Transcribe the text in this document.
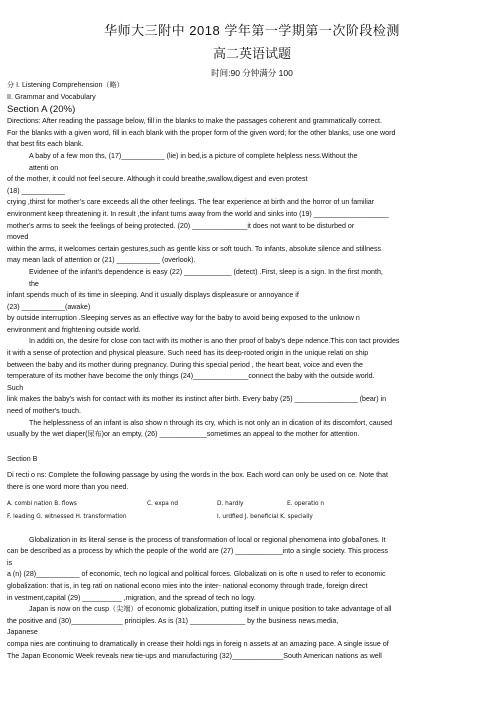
华师大三附中 2018 学年第一学期第一次阶段检测
高二英语试题
时间:90 分钟满分 100

分 I. Listening Comprehension（略）

II. Grammar and Vocabulary

Section A (20%)

Directions: After reading the passage below, fill in the blanks to make the passages coherent and grammatically correct.

For the blanks with a given word, fill in each blank with the proper form of the given word; for the other blanks, use one word

that best fits each blank.

A baby of a few mon ths, (17)___________ (lie) in bed,is a picture of complete helpless ness.Without the

attenti on

of the mother, it could not feel secure. Although it could breathe,swallow,digest and even protest

(18) ___________

crying ,thirst for mother’s care exceeds all the other feelings. The fear experience at birth and the horror of un familiar

environment keep threatening it. In result ,the infant turns away from the world and sinks into (19) ___________________

mother's arms to seek the feelings of being protected. (20) ______________it does not want to be disturbed or

moved

within the arms, it welcomes certain gestures,such as gentle kiss or soft touch. To infants, absolute silence and stillness

may mean lack of attention or (21) ___________ (overlook).

Evidenee of the infant's dependence is easy (22) ____________ (detect) .First, sleep is a sign. In the first month,

the

infant spends much of its time in sleeping. And it usually displays displeasure or annoyance if

(23) ___________(awake)

by outside interruption .Sleeping serves as an effective way for the baby to avoid being exposed to the unknow n

environment and frightening outside world.

In additi on, the desire for close con tact with its mother is ano ther proof of baby's depe ndence.This con tact provides

it with a sense of protection and physical pleasure. Such need has its deep-rooted origin in the unique relati on ship

between the baby and its mother during pregnancy. During this special period , the heart beat, voice and even the

temperature of its mother have become the only things (24)______________connect the baby with the outside world.

Such

link makes the baby's wish for contact with its mother its instinct after birth. Every baby (25) ________________ (bear) in

need of mother's touch.

The helplessness of an infant is also show n through its cry, which is not only an in dication of its discomfort, caused

usually by the wet diaper(尿布)or an empty, (26) ____________sometimes an appeal to the mother for attention.

Section B

Di recti o ns: Complete the following passage by using the words in the box. Each word can only be used on ce. Note that

there is one word more than you need.

A. combi nation B. flows	C. expa nd	D. hardly	E. operatio n

F. leading G. witnessed H. transformation	I. urdfied J. beneficial K. specially

Globalization in its literal sense is the process of transformation of local or regional phenomena into global'ones. It

can be described as a process by which the people of the world are (27) ____________into a single society. This process

is

a (n) (28)___________ of economic, tech no logical and political forces. Globalizati on is ofte n used to refer to economic

globalization: that is, in teg rati on national econo mies into the inter- national economy through trade, foreign direct

in vestment,capital (29) __________ ,migration, and the spread of tech no logy.

Japan is now on the cusp（尖端）of economic globalization, putting itself in unique position to take advantage of all

the positive and (30)_____________ principles. As is (31) ______________ by the business news.media,

Japanese

compa nies are continuing to dramatically in crease their holdi ngs in foreig n assets at an amazing pace. A single issue of

The Japan Economic Week reveals new tie-ups and manufacturing (32)_____________South American nations as well
